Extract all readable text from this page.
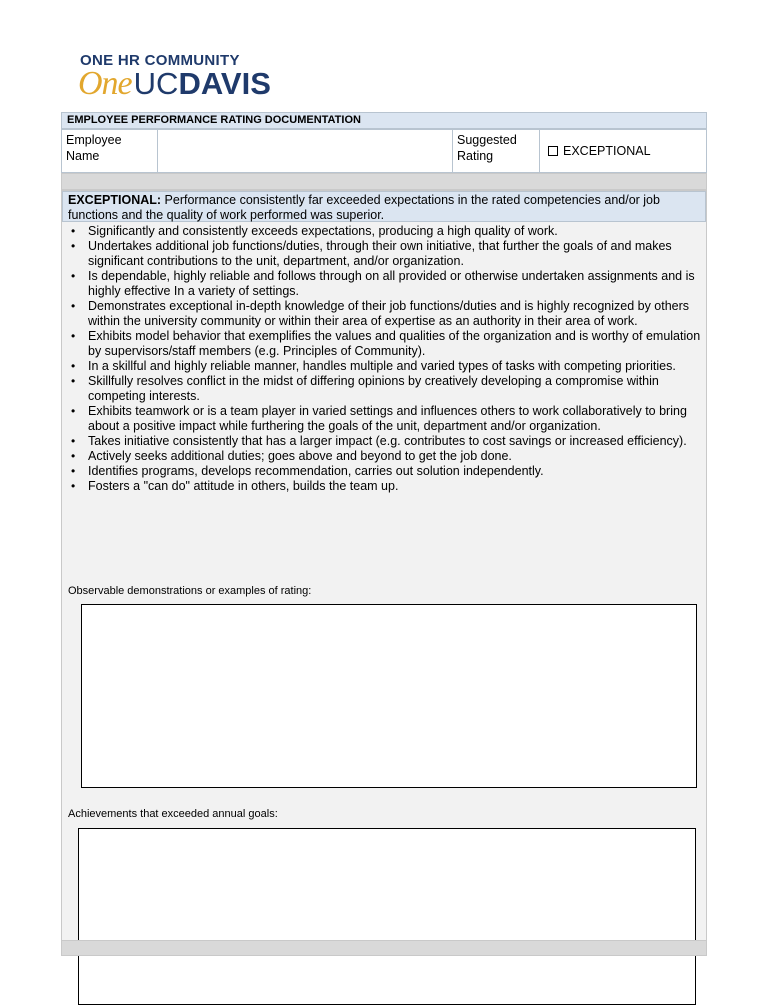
ONE HR COMMUNITY
OneUCDAVIS
EMPLOYEE PERFORMANCE RATING DOCUMENTATION
Employee Name
Suggested Rating	EXCEPTIONAL
EXCEPTIONAL: Performance consistently far exceeded expectations in the rated competencies and/or job functions and the quality of work performed was superior.
• Significantly and consistently exceeds expectations, producing a high quality of work.
• Undertakes additional job functions/duties, through their own initiative, that further the goals of and makes significant contributions to the unit, department, and/or organization.
• Is dependable, highly reliable and follows through on all provided or otherwise undertaken assignments and is highly effective In a variety of settings.
• Demonstrates exceptional in-depth knowledge of their job functions/duties and is highly recognized by others within the university community or within their area of expertise as an authority in their area of work.
• Exhibits model behavior that exemplifies the values and qualities of the organization and is worthy of emulation by supervisors/staff members (e.g. Principles of Community).
• In a skillful and highly reliable manner, handles multiple and varied types of tasks with competing priorities.
• Skillfully resolves conflict in the midst of differing opinions by creatively developing a compromise within competing interests.
• Exhibits teamwork or is a team player in varied settings and influences others to work collaboratively to bring about a positive impact while furthering the goals of the unit, department and/or organization.
• Takes initiative consistently that has a larger impact (e.g. contributes to cost savings or increased efficiency).
• Actively seeks additional duties; goes above and beyond to get the job done.
• Identifies programs, develops recommendation, carries out solution independently.
• Fosters a "can do" attitude in others, builds the team up.
Observable demonstrations or examples of rating:
Achievements that exceeded annual goals:
